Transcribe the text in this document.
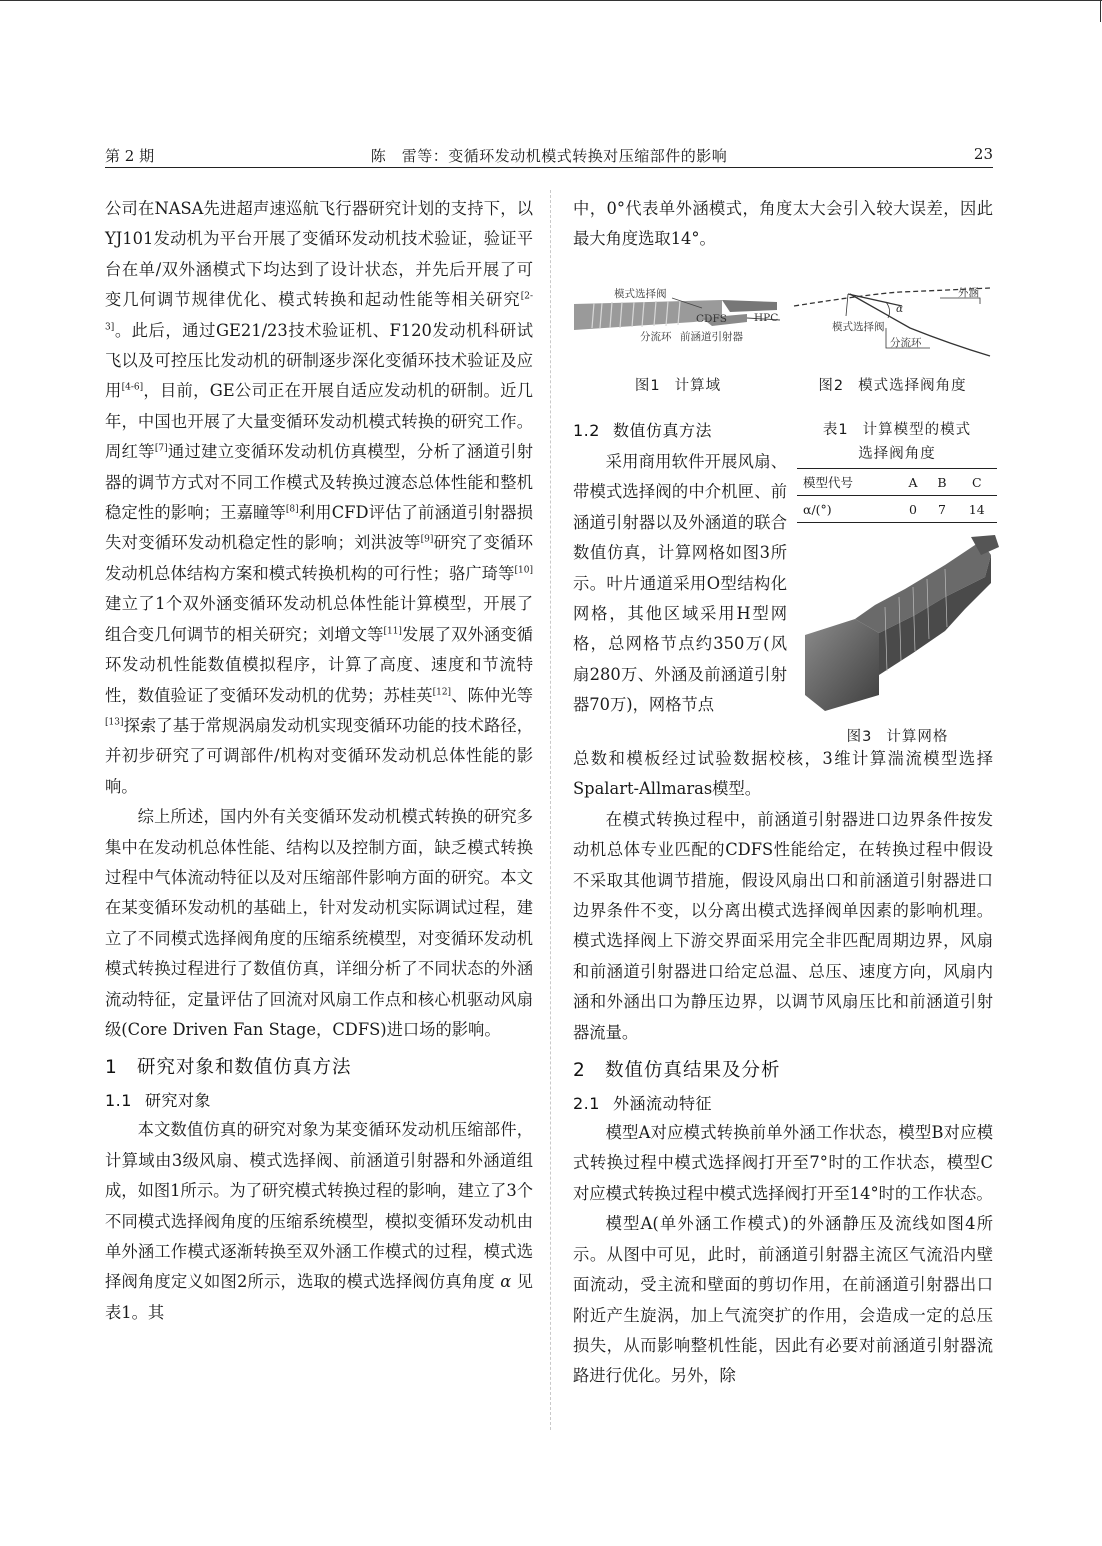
第 2 期	陈　雷等：变循环发动机模式转换对压缩部件的影响	23

公司在NASA先进超声速巡航飞行器研究计划的支持下，以YJ101发动机为平台开展了变循环发动机技术验证，验证平台在单/双外涵模式下均达到了设计状态，并先后开展了可变几何调节规律优化、模式转换和起动性能等相关研究[2-3]。此后，通过GE21/23技术验证机、F120发动机科研试飞以及可控压比发动机的研制逐步深化变循环技术验证及应用[4-6]，目前，GE公司正在开展自适应发动机的研制。近几年，中国也开展了大量变循环发动机模式转换的研究工作。周红等[7]通过建立变循环发动机仿真模型，分析了涵道引射器的调节方式对不同工作模式及转换过渡态总体性能和整机稳定性的影响；王嘉瞳等[8]利用CFD评估了前涵道引射器损失对变循环发动机稳定性的影响；刘洪波等[9]研究了变循环发动机总体结构方案和模式转换机构的可行性；骆广琦等[10]建立了1个双外涵变循环发动机总体性能计算模型，开展了组合变几何调节的相关研究；刘增文等[11]发展了双外涵变循环发动机性能数值模拟程序，计算了高度、速度和节流特性，数值验证了变循环发动机的优势；苏桂英[12]、陈仲光等[13]探索了基于常规涡扇发动机实现变循环功能的技术路径，并初步研究了可调部件/机构对变循环发动机总体性能的影响。

综上所述，国内外有关变循环发动机模式转换的研究多集中在发动机总体性能、结构以及控制方面，缺乏模式转换过程中气体流动特征以及对压缩部件影响方面的研究。本文在某变循环发动机的基础上，针对发动机实际调试过程，建立了不同模式选择阀角度的压缩系统模型，对变循环发动机模式转换过程进行了数值仿真，详细分析了不同状态的外涵流动特征，定量评估了回流对风扇工作点和核心机驱动风扇级(Core Driven Fan Stage，CDFS)进口场的影响。

1 研究对象和数值仿真方法
1.1 研究对象

本文数值仿真的研究对象为某变循环发动机压缩部件，计算域由3级风扇、模式选择阀、前涵道引射器和外涵道组成，如图1所示。为了研究模式转换过程的影响，建立了3个不同模式选择阀角度的压缩系统模型，模拟变循环发动机由单外涵工作模式逐渐转换至双外涵工作模式的过程，模式选择阀角度定义如图2所示，选取的模式选择阀仿真角度 α 见表1。其

中，0°代表单外涵模式，角度太大会引入较大误差，因此最大角度选取14°。

模式选择阀
CDFS	HPC
分流环 前涵道引射器
图1 计算域
外涵
α
模式选择阀
分流环
图2 模式选择阀角度
1.2 数值仿真方法

采用商用软件开展风扇、带模式选择阀的中介机匣、前涵道引射器以及外涵道的联合数值仿真，计算网格如图3所示。叶片通道采用O型结构化网格，其他区域采用H型网格，总网格节点约350万(风扇280万、外涵及前涵道引射器70万)，网格节点

表1 计算模型的模式
选择阀角度
模型代号	A	B	C
α/(°)	0	7	14
图3 计算网格

总数和模板经过试验数据校核，3维计算湍流模型选择Spalart-Allmaras模型。

在模式转换过程中，前涵道引射器进口边界条件按发动机总体专业匹配的CDFS性能给定，在转换过程中假设不采取其他调节措施，假设风扇出口和前涵道引射器进口边界条件不变，以分离出模式选择阀单因素的影响机理。模式选择阀上下游交界面采用完全非匹配周期边界，风扇和前涵道引射器进口给定总温、总压、速度方向，风扇内涵和外涵出口为静压边界，以调节风扇压比和前涵道引射器流量。

2 数值仿真结果及分析
2.1 外涵流动特征

模型A对应模式转换前单外涵工作状态，模型B对应模式转换过程中模式选择阀打开至7°时的工作状态，模型C对应模式转换过程中模式选择阀打开至14°时的工作状态。

模型A(单外涵工作模式)的外涵静压及流线如图4所示。从图中可见，此时，前涵道引射器主流区气流沿内壁面流动，受主流和壁面的剪切作用，在前涵道引射器出口附近产生旋涡，加上气流突扩的作用，会造成一定的总压损失，从而影响整机性能，因此有必要对前涵道引射器流路进行优化。另外，除
